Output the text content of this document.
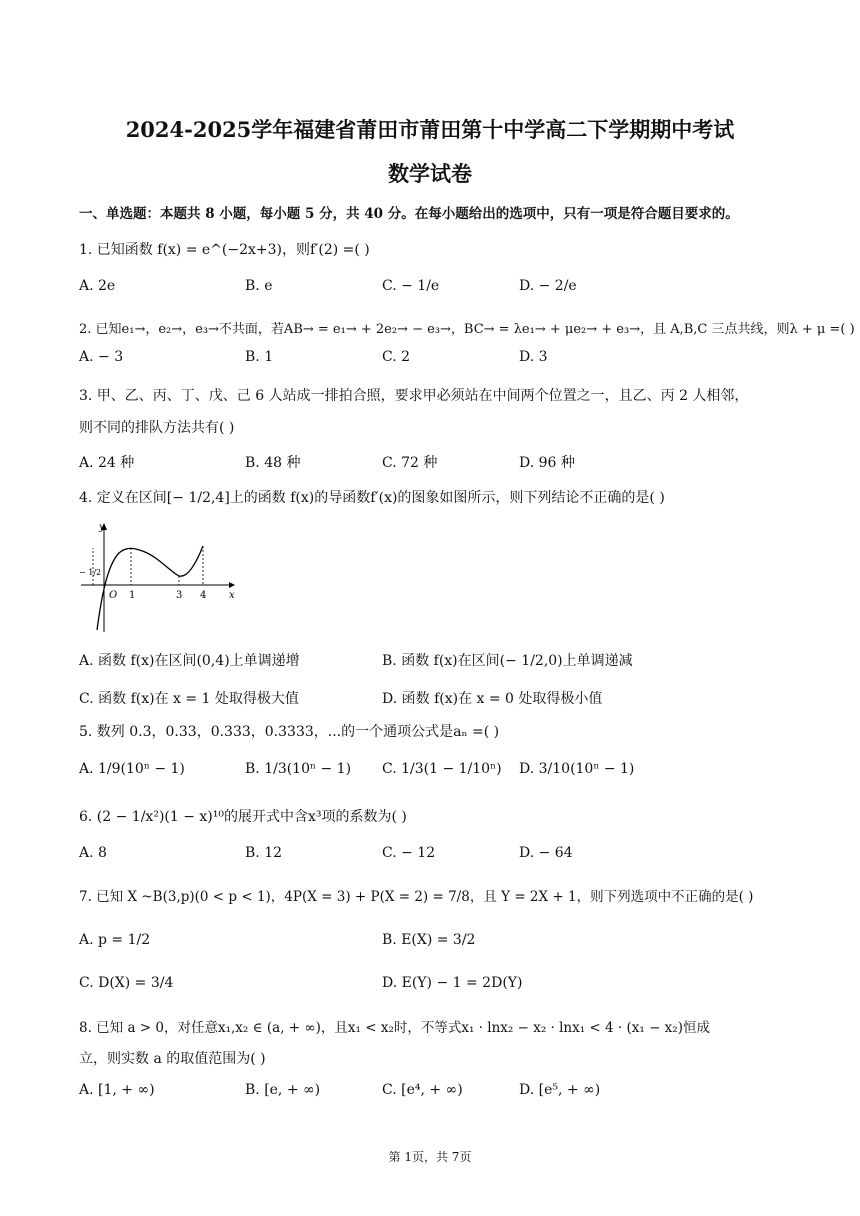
2024-2025学年福建省莆田市莆田第十中学高二下学期期中考试
数学试卷
一、单选题：本题共 8 小题，每小题 5 分，共 40 分。在每小题给出的选项中，只有一项是符合题目要求的。
1. 已知函数 f(x) = e^(−2x+3)，则f′(2) =( )
A. 2e	B. e	C. − 1/e	D. − 2/e
2. 已知e₁→，e₂→，e₃→不共面，若AB→ = e₁→ + 2e₂→ − e₃→，BC→ = λe₁→ + μe₂→ + e₃→，且 A,B,C 三点共线，则λ + μ =( )
A. − 3	B. 1	C. 2	D. 3
3. 甲、乙、丙、丁、戊、己 6 人站成一排拍合照，要求甲必须站在中间两个位置之一，且乙、丙 2 人相邻，
则不同的排队方法共有( )
A. 24 种	B. 48 种	C. 72 种	D. 96 种
4. 定义在区间[− 1/2,4]上的函数 f(x)的导函数f′(x)的图象如图所示，则下列结论不正确的是( )
y
x
O 1	3 4
− 1/2
A. 函数 f(x)在区间(0,4)上单调递增	B. 函数 f(x)在区间(− 1/2,0)上单调递减
C. 函数 f(x)在 x = 1 处取得极大值	D. 函数 f(x)在 x = 0 处取得极小值
5. 数列 0.3，0.33，0.333，0.3333，...的一个通项公式是aₙ =( )
A. 1/9(10ⁿ − 1)	B. 1/3(10ⁿ − 1) C. 1/3(1 − 1/10ⁿ) D. 3/10(10ⁿ − 1)
6. (2 − 1/x²)(1 − x)¹⁰的展开式中含x³项的系数为( )
A. 8	B. 12	C. − 12	D. − 64
7. 已知 X ~B(3,p)(0 < p < 1)，4P(X = 3) + P(X = 2) = 7/8，且 Y = 2X + 1，则下列选项中不正确的是( )
A. p = 1/2	B. E(X) = 3/2
C. D(X) = 3/4	D. E(Y) − 1 = 2D(Y)
8. 已知 a > 0，对任意x₁,x₂ ∈ (a, + ∞)，且x₁ < x₂时，不等式x₁ · lnx₂ − x₂ · lnx₁ < 4 · (x₁ − x₂)恒成
立，则实数 a 的取值范围为( )
A. [1, + ∞)	B. [e, + ∞)	C. [e⁴, + ∞)	D. [e⁵, + ∞)
第 1页，共 7页
